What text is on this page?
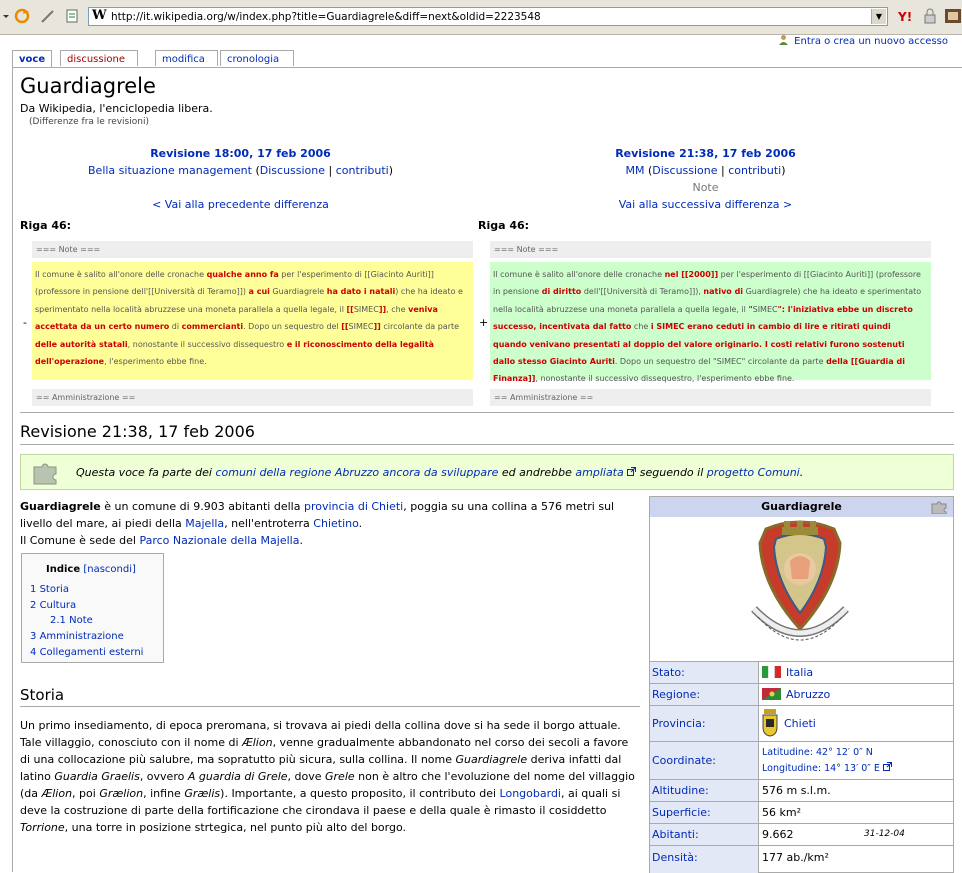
W http://it.wikipedia.org/w/index.php?title=Guardiagrele&diff=next&oldid=2223548	▼	Y!
voce	discussione	modifica	cronologia
Entra o crea un nuovo accesso
Guardiagrele
Da Wikipedia, l'enciclopedia libera.
(Differenze fra le revisioni)
Revisione 18:00, 17 feb 2006
Bella situazione management (Discussione | contributi)
< Vai alla precedente differenza
Revisione 21:38, 17 feb 2006
MM (Discussione | contributi)
Note
Vai alla successiva differenza >
Riga 46:	Riga 46:
=== Note ===	=== Note ===
-
Il comune è salito all'onore delle cronache qualche anno fa per l'esperimento di [[Giacinto Auriti]] (professore in pensione dell'[[Università di Teramo]]) a cui Guardiagrele ha dato i natali) che ha ideato e sperimentato nella località abruzzese una moneta parallela a quella legale, il [[SIMEC]], che veniva accettata da un certo numero di commercianti. Dopo un sequestro del [[SIMEC]] circolante da parte delle autorità statali, nonostante il successivo dissequestro e il riconoscimento della legalità dell'operazione, l'esperimento ebbe fine.
+
Il comune è salito all'onore delle cronache nel [[2000]] per l'esperimento di [[Giacinto Auriti]] (professore in pensione di diritto dell'[[Università di Teramo]]), nativo di Guardiagrele) che ha ideato e sperimentato nella località abruzzese una moneta parallela a quella legale, il "SIMEC": l'iniziativa ebbe un discreto successo, incentivata dal fatto che i SIMEC erano ceduti in cambio di lire e ritirati quindi quando venivano presentati al doppio del valore originario. I costi relativi furono sostenuti dallo stesso Giacinto Auriti. Dopo un sequestro del "SIMEC" circolante da parte della [[Guardia di Finanza]], nonostante il successivo dissequestro, l'esperimento ebbe fine.
== Amministrazione ==	== Amministrazione ==
Revisione 21:38, 17 feb 2006
Questa voce fa parte dei comuni della regione Abruzzo ancora da sviluppare ed andrebbe ampliata  seguendo il progetto Comuni.
Guardiagrele è un comune di 9.903 abitanti della provincia di Chieti, poggia su una collina a 576 metri sul livello del mare, ai piedi della Majella, nell'entroterra Chietino.
Il Comune è sede del Parco Nazionale della Majella.
Indice [nascondi]
1 Storia
2 Cultura
2.1 Note
3 Amministrazione
4 Collegamenti esterni
Storia
Un primo insediamento, di epoca preromana, si trovava ai piedi della collina dove si ha sede il borgo attuale. Tale villaggio, conosciuto con il nome di Ælion, venne gradualmente abbandonato nel corso dei secoli a favore di una collocazione più salubre, ma sopratutto più sicura, sulla collina. Il nome Guardiagrele deriva infatti dal latino Guardia Graelis, ovvero A guardia di Grele, dove Grele non è altro che l'evoluzione del nome del villaggio (da Ælion, poi Grælion, infine Grælis). Importante, a questo proposito, il contributo dei Longobardi, ai quali si deve la costruzione di parte della fortificazione che cirondava il paese e della quale è rimasto il cosiddetto Torrione, una torre in posizione strtegica, nel punto più alto del borgo.
Guardiagrele
Stato:	Italia
Regione:	Abruzzo
Provincia:	Chieti
Coordinate:
Latitudine: 42° 12′ 0″ N
Longitudine: 14° 13′ 0″ E
Altitudine:	576 m s.l.m.
Superficie:	56 km²
Abitanti:	9.662	31-12-04
Densità:	177 ab./km²
